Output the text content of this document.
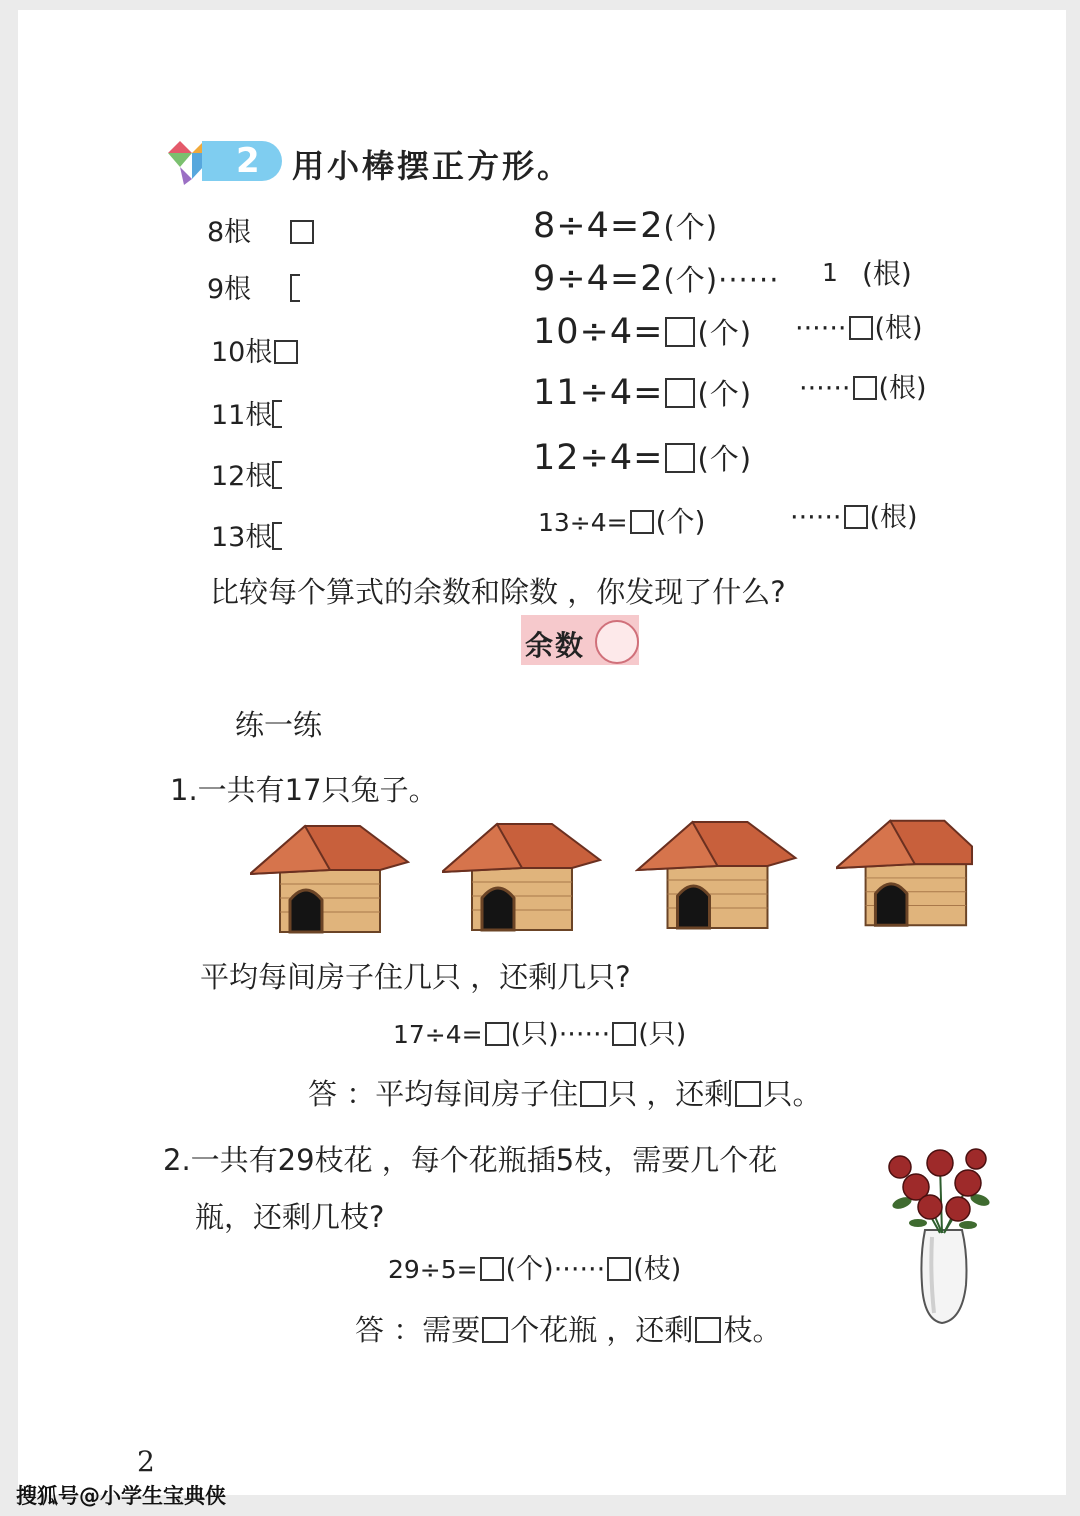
2 用小棒摆正方形。
8根
9根
10根
11根
12根
13根
8÷4=2(个)
9÷4=2(个)······ 1 (根)
10÷4= (个) ······ (根)
11÷4= (个) ······ (根)
12÷4= (个)
13÷4= (个)	······ (根)
比较每个算式的余数和除数 ，你发现了什么?
余数
练一练
1.一共有17只兔子。
平均每间房子住几只 ，还剩几只?
17÷4= (只)······ (只)
答 ：平均每间房子住 只 ，还剩 只。
2.一共有29枝花 ，每个花瓶插5枝，需要几个花
瓶，还剩几枝?
29÷5= (个)······ (枝)
答 ：需要 个花瓶 ，还剩 枝。
2
搜狐号@小学生宝典侠
